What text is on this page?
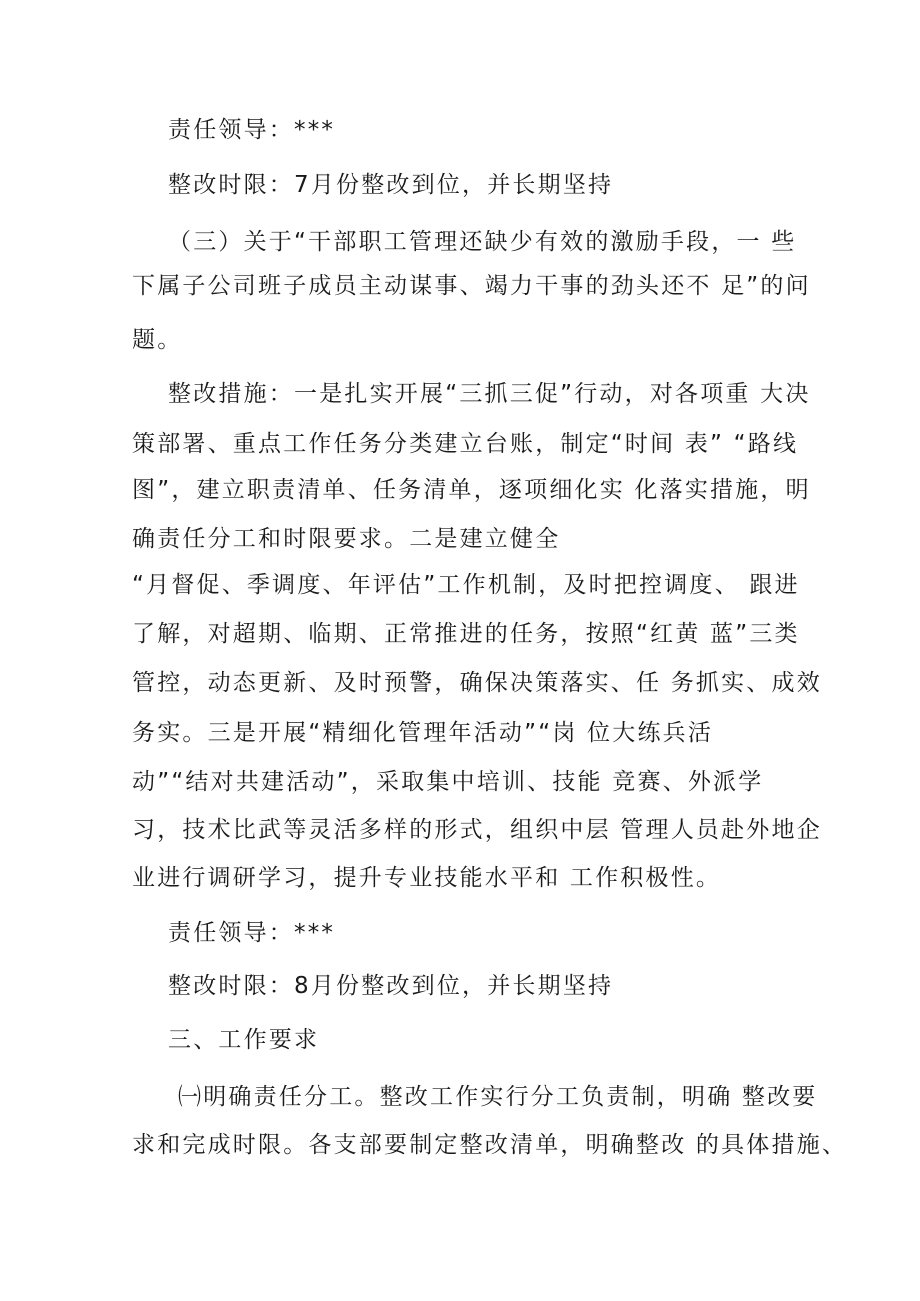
责任领导：***
整改时限：7月份整改到位，并长期坚持
（三）关于“干部职工管理还缺少有效的激励手段，一 些
下属子公司班子成员主动谋事、竭力干事的劲头还不 足”的问
题。
整改措施：一是扎实开展“三抓三促”行动，对各项重 大决
策部署、重点工作任务分类建立台账，制定“时间 表” “路线
图”，建立职责清单、任务清单，逐项细化实 化落实措施，明
确责任分工和时限要求。二是建立健全
“月督促、季调度、年评估”工作机制，及时把控调度、 跟进
了解，对超期、临期、正常推进的任务，按照“红黄 蓝”三类
管控，动态更新、及时预警，确保决策落实、任 务抓实、成效
务实。三是开展“精细化管理年活动”“岗 位大练兵活
动”“结对共建活动”，采取集中培训、技能 竞赛、外派学
习，技术比武等灵活多样的形式，组织中层 管理人员赴外地企
业进行调研学习，提升专业技能水平和 工作积极性。
责任领导：***
整改时限：8月份整改到位，并长期坚持
三、工作要求
㈠明确责任分工。整改工作实行分工负责制，明确 整改要
求和完成时限。各支部要制定整改清单，明确整改 的具体措施、
